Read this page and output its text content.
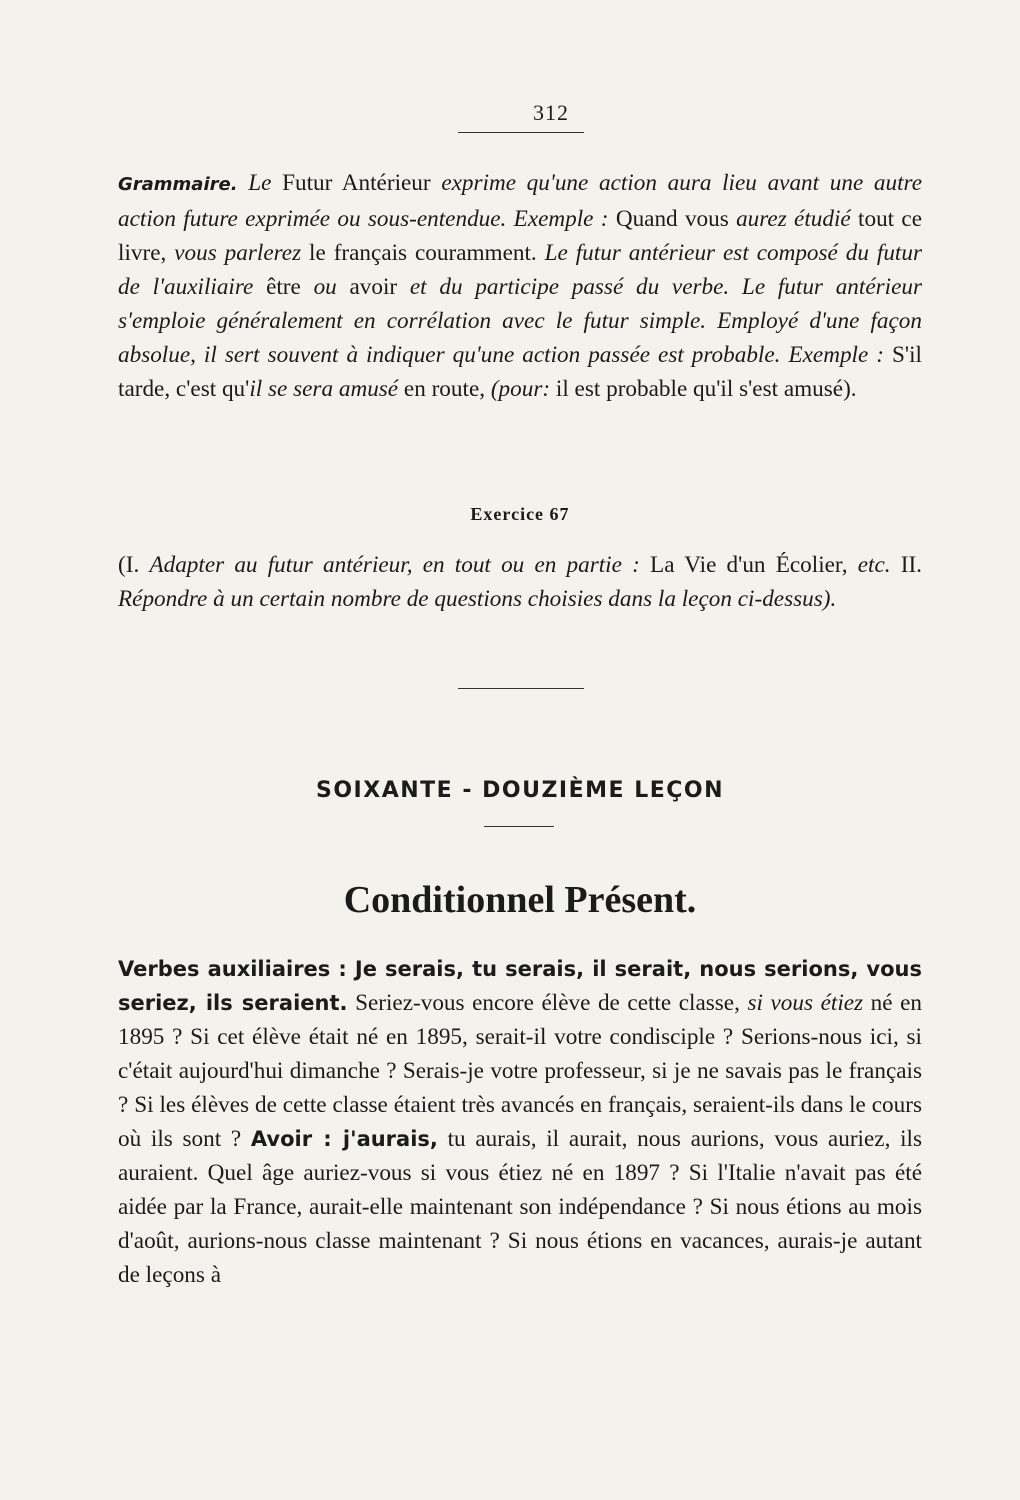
312

Grammaire. Le Futur Antérieur exprime qu'une action aura lieu avant une autre action future exprimée ou sous-entendue. Exemple : Quand vous aurez étudié tout ce livre, vous parlerez le français couramment. Le futur antérieur est composé du futur de l'auxiliaire être ou avoir et du participe passé du verbe. Le futur antérieur s'emploie généralement en corrélation avec le futur simple. Employé d'une façon absolue, il sert souvent à indiquer qu'une action passée est probable. Exemple : S'il tarde, c'est qu'il se sera amusé en route, (pour: il est probable qu'il s'est amusé).

Exercice 67

(I. Adapter au futur antérieur, en tout ou en partie : La Vie d'un Écolier, etc. II. Répondre à un certain nombre de questions choisies dans la leçon ci-dessus).

SOIXANTE - DOUZIÈME LEÇON
Conditionnel Présent.

Verbes auxiliaires : Je serais, tu serais, il serait, nous serions, vous seriez, ils seraient. Seriez-vous encore élève de cette classe, si vous étiez né en 1895 ? Si cet élève était né en 1895, serait-il votre condisciple ? Serions-nous ici, si c'était aujourd'hui dimanche ? Serais-je votre professeur, si je ne savais pas le français ? Si les élèves de cette classe étaient très avancés en français, seraient-ils dans le cours où ils sont ? Avoir : j'aurais, tu aurais, il aurait, nous aurions, vous auriez, ils auraient. Quel âge auriez-vous si vous étiez né en 1897 ? Si l'Italie n'avait pas été aidée par la France, aurait-elle maintenant son indépendance ? Si nous étions au mois d'août, aurions-nous classe maintenant ? Si nous étions en vacances, aurais-je autant de leçons à
